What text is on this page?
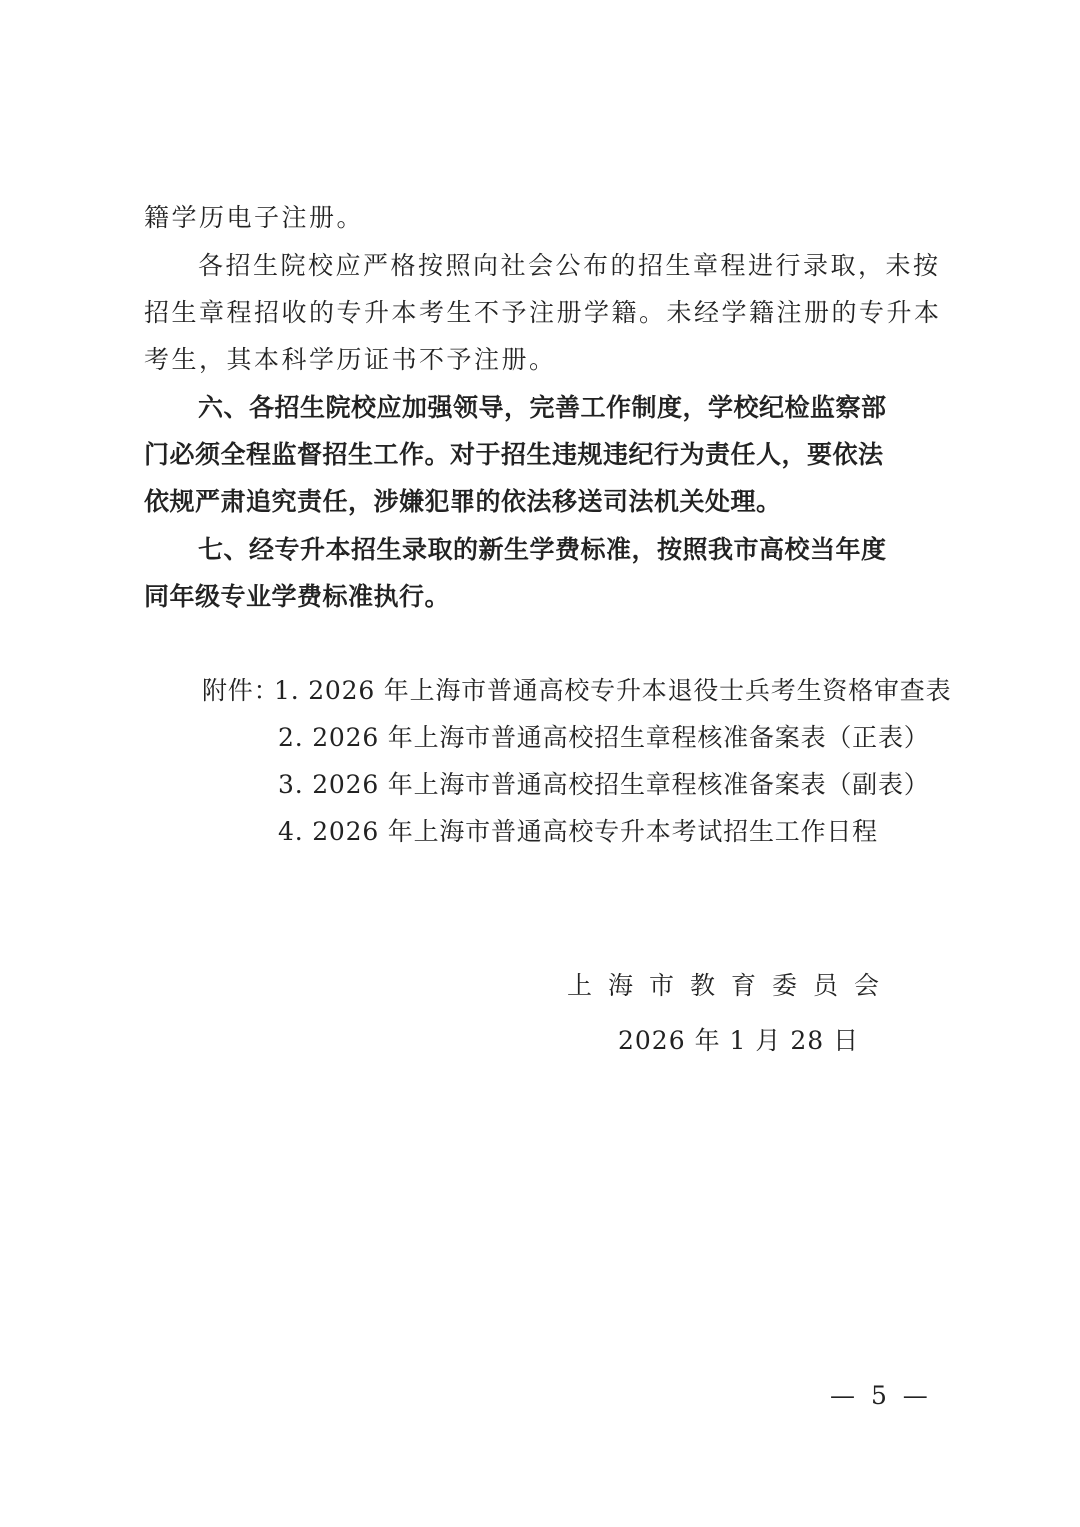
籍学历电子注册。
各招生院校应严格按照向社会公布的招生章程进行录取，未按
招生章程招收的专升本考生不予注册学籍。未经学籍注册的专升本
考生，其本科学历证书不予注册。
六、各招生院校应加强领导，完善工作制度，学校纪检监察部
门必须全程监督招生工作。对于招生违规违纪行为责任人，要依法
依规严肃追究责任，涉嫌犯罪的依法移送司法机关处理。
七、经专升本招生录取的新生学费标准，按照我市高校当年度
同年级专业学费标准执行。
附件：
1. 2026 年上海市普通高校专升本退役士兵考生资格审查表
2. 2026 年上海市普通高校招生章程核准备案表（正表）
3. 2026 年上海市普通高校招生章程核准备案表（副表）
4. 2026 年上海市普通高校专升本考试招生工作日程
上海市教育委员会
2026 年 1 月 28 日
— 5 —
